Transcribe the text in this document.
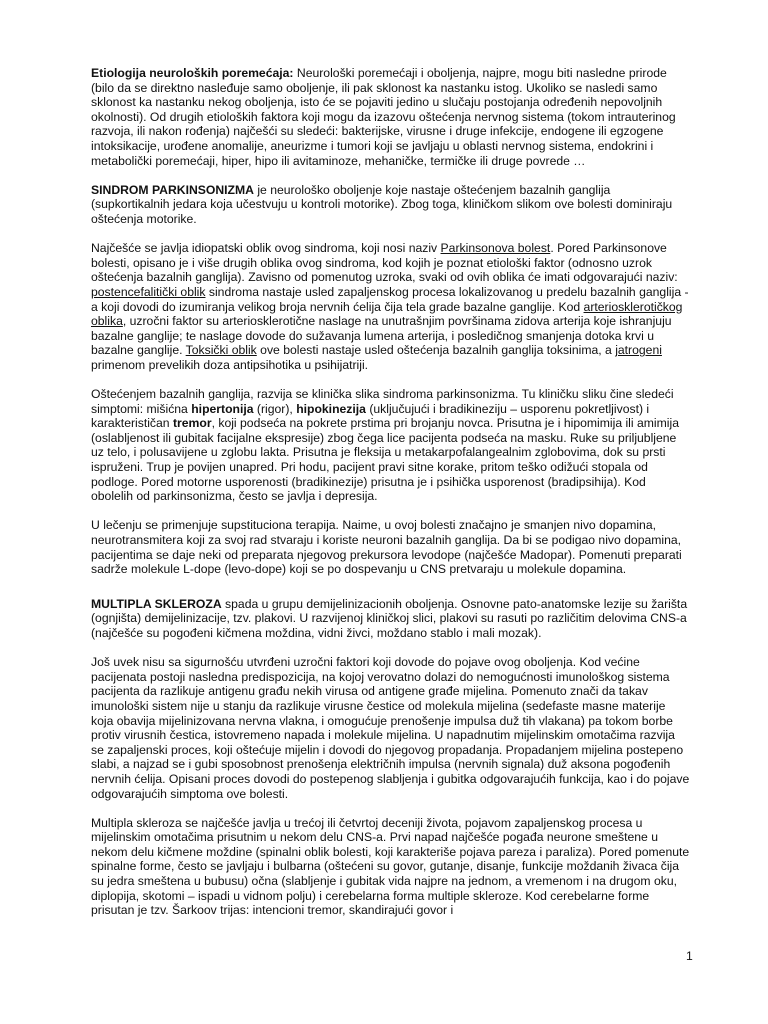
Etiologija neuroloških poremećaja: Neurološki poremećaji i oboljenja, najpre, mogu biti nasledne prirode (bilo da se direktno nasleđuje samo oboljenje, ili pak sklonost ka nastanku istog. Ukoliko se nasledi samo sklonost ka nastanku nekog oboljenja, isto će se pojaviti jedino u slučaju postojanja određenih nepovoljnih okolnosti). Od drugih etioloških faktora koji mogu da izazovu oštećenja nervnog sistema (tokom intrauterinog razvoja, ili nakon rođenja) najčešći su sledeći: bakterijske, virusne i druge infekcije, endogene ili egzogene intoksikacije, urođene anomalije, aneurizme i tumori koji se javljaju u oblasti nervnog sistema, endokrini i metabolički poremećaji, hiper, hipo ili avitaminoze, mehaničke, termičke ili druge povrede …

SINDROM PARKINSONIZMA je neurološko oboljenje koje nastaje oštećenjem bazalnih ganglija (supkortikalnih jedara koja učestvuju u kontroli motorike). Zbog toga, kliničkom slikom ove bolesti dominiraju oštećenja motorike.

Najčešće se javlja idiopatski oblik ovog sindroma, koji nosi naziv Parkinsonova bolest. Pored Parkinsonove bolesti, opisano je i više drugih oblika ovog sindroma, kod kojih je poznat etiološki faktor (odnosno uzrok oštećenja bazalnih ganglija). Zavisno od pomenutog uzroka, svaki od ovih oblika će imati odgovarajući naziv: postencefalitički oblik sindroma nastaje usled zapaljenskog procesa lokalizovanog u predelu bazalnih ganglija - a koji dovodi do izumiranja velikog broja nervnih ćelija čija tela grade bazalne ganglije. Kod arteriosklerotičkog oblika, uzročni faktor su arteriosklerotične naslage na unutrašnjim površinama zidova arterija koje ishranjuju bazalne ganglije; te naslage dovode do sužavanja lumena arterija, i posledičnog smanjenja dotoka krvi u bazalne ganglije. Toksički oblik ove bolesti nastaje usled oštećenja bazalnih ganglija toksinima, a jatrogeni primenom prevelikih doza antipsihotika u psihijatriji.

Oštećenjem bazalnih ganglija, razvija se klinička slika sindroma parkinsonizma. Tu kliničku sliku čine sledeći simptomi: mišićna hipertonija (rigor), hipokinezija (uključujući i bradikineziju – usporenu pokretljivost) i karakterističan tremor, koji podseća na pokrete prstima pri brojanju novca. Prisutna je i hipomimija ili amimija (oslabljenost ili gubitak facijalne ekspresije) zbog čega lice pacijenta podseća na masku. Ruke su priljubljene uz telo, i polusavijene u zglobu lakta. Prisutna je fleksija u metakarpofalangealnim zglobovima, dok su prsti ispruženi. Trup je povijen unapred. Pri hodu, pacijent pravi sitne korake, pritom teško odižući stopala od podloge. Pored motorne usporenosti (bradikinezije) prisutna je i psihička usporenost (bradipsihija). Kod obolelih od parkinsonizma, često se javlja i depresija.

U lečenju se primenjuje supstituciona terapija. Naime, u ovoj bolesti značajno je smanjen nivo dopamina, neurotransmitera koji za svoj rad stvaraju i koriste neuroni bazalnih ganglija. Da bi se podigao nivo dopamina, pacijentima se daje neki od preparata njegovog prekursora levodope (najčešće Madopar). Pomenuti preparati sadrže molekule L-dope (levo-dope) koji se po dospevanju u CNS pretvaraju u molekule dopamina.

MULTIPLA SKLEROZA spada u grupu demijelinizacionih oboljenja. Osnovne pato-anatomske lezije su žarišta (ognjišta) demijelinizacije, tzv. plakovi. U razvijenoj kliničkoj slici, plakovi su rasuti po različitim delovima CNS-a (najčešće su pogođeni kičmena moždina, vidni živci, moždano stablo i mali mozak).

Još uvek nisu sa sigurnošću utvrđeni uzročni faktori koji dovode do pojave ovog oboljenja. Kod većine pacijenata postoji nasledna predispozicija, na kojoj verovatno dolazi do nemogućnosti imunološkog sistema pacijenta da razlikuje antigenu građu nekih virusa od antigene građe mijelina. Pomenuto znači da takav imunološki sistem nije u stanju da razlikuje virusne čestice od molekula mijelina (sedefaste masne materije koja obavija mijelinizovana nervna vlakna, i omogućuje prenošenje impulsa duž tih vlakana) pa tokom borbe protiv virusnih čestica, istovremeno napada i molekule mijelina. U napadnutim mijelinskim omotačima razvija se zapaljenski proces, koji oštećuje mijelin i dovodi do njegovog propadanja. Propadanjem mijelina postepeno slabi, a najzad se i gubi sposobnost prenošenja električnih impulsa (nervnih signala) duž aksona pogođenih nervnih ćelija. Opisani proces dovodi do postepenog slabljenja i gubitka odgovarajućih funkcija, kao i do pojave odgovarajućih simptoma ove bolesti.

Multipla skleroza se najčešće javlja u trećoj ili četvrtoj deceniji života, pojavom zapaljenskog procesa u mijelinskim omotačima prisutnim u nekom delu CNS-a. Prvi napad najčešće pogađa neurone smeštene u nekom delu kičmene moždine (spinalni oblik bolesti, koji karakteriše pojava pareza i paraliza). Pored pomenute spinalne forme, često se javljaju i bulbarna (oštećeni su govor, gutanje, disanje, funkcije moždanih živaca čija su jedra smeštena u bubusu) očna (slabljenje i gubitak vida najpre na jednom, a vremenom i na drugom oku, diplopija, skotomi – ispadi u vidnom polju) i cerebelarna forma multiple skleroze. Kod cerebelarne forme prisutan je tzv. Šarkoov trijas: intencioni tremor, skandirajući govor i

1
